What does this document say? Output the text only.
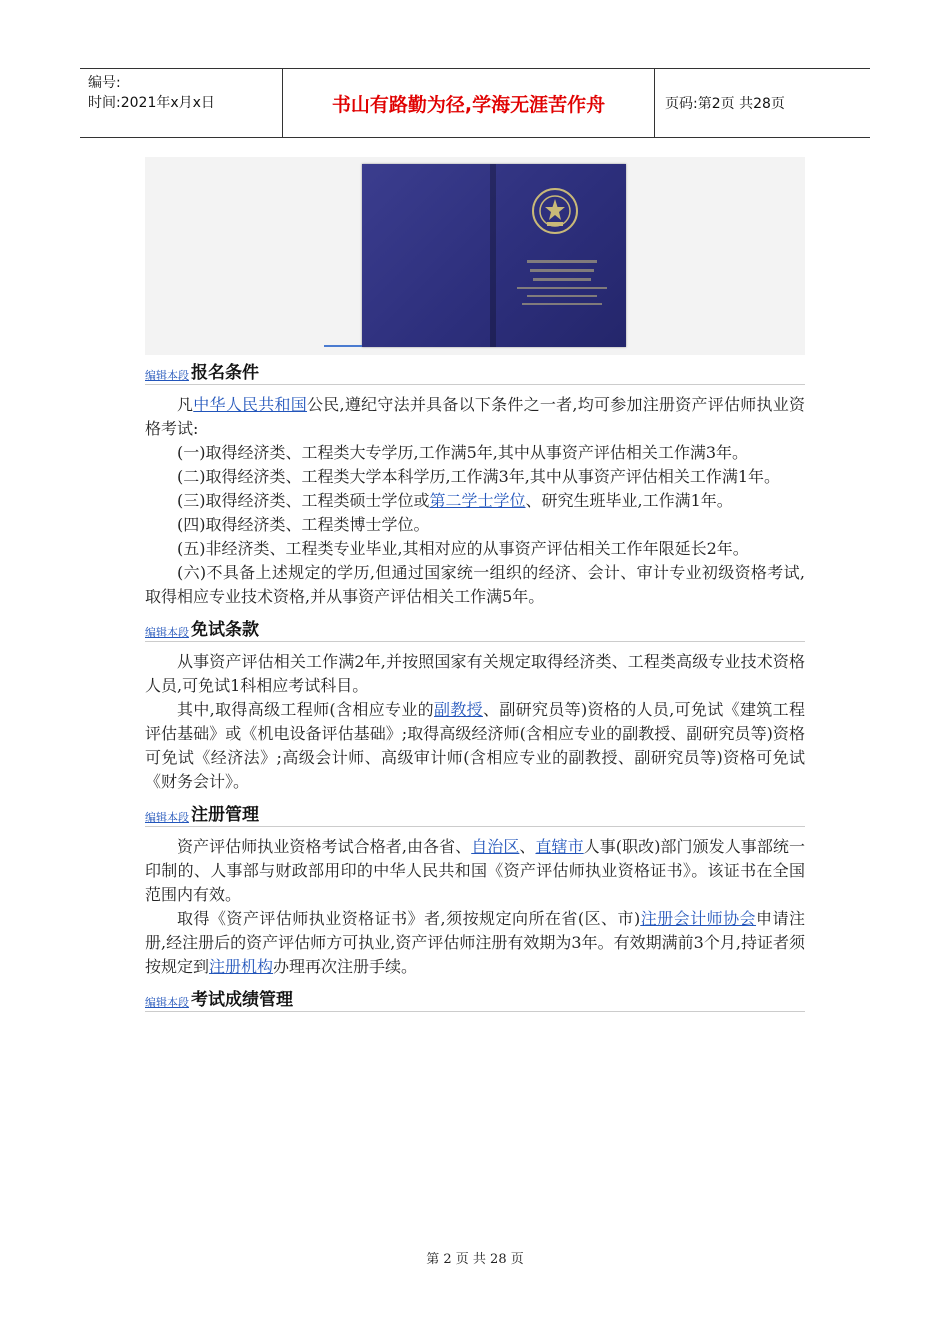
编号:
时间:2021年x月x日	书山有路勤为径,学海无涯苦作舟	页码:第2页 共28页
编辑本段 报名条件

凡中华人民共和国公民,遵纪守法并具备以下条件之一者,均可参加注册资产评估师执业资格考试:

(一)取得经济类、工程类大专学历,工作满5年,其中从事资产评估相关工作满3年。

(二)取得经济类、工程类大学本科学历,工作满3年,其中从事资产评估相关工作满1年。

(三)取得经济类、工程类硕士学位或第二学士学位、研究生班毕业,工作满1年。

(四)取得经济类、工程类博士学位。

(五)非经济类、工程类专业毕业,其相对应的从事资产评估相关工作年限延长2年。

(六)不具备上述规定的学历,但通过国家统一组织的经济、会计、审计专业初级资格考试,取得相应专业技术资格,并从事资产评估相关工作满5年。

编辑本段 免试条款

从事资产评估相关工作满2年,并按照国家有关规定取得经济类、工程类高级专业技术资格人员,可免试1科相应考试科目。

其中,取得高级工程师(含相应专业的副教授、副研究员等)资格的人员,可免试《建筑工程评估基础》或《机电设备评估基础》;取得高级经济师(含相应专业的副教授、副研究员等)资格可免试《经济法》;高级会计师、高级审计师(含相应专业的副教授、副研究员等)资格可免试《财务会计》。

编辑本段 注册管理

资产评估师执业资格考试合格者,由各省、自治区、直辖市人事(职改)部门颁发人事部统一印制的、人事部与财政部用印的中华人民共和国《资产评估师执业资格证书》。该证书在全国范围内有效。

取得《资产评估师执业资格证书》者,须按规定向所在省(区、市)注册会计师协会申请注册,经注册后的资产评估师方可执业,资产评估师注册有效期为3年。有效期满前3个月,持证者须按规定到注册机构办理再次注册手续。

编辑本段 考试成绩管理
第 2 页 共 28 页
